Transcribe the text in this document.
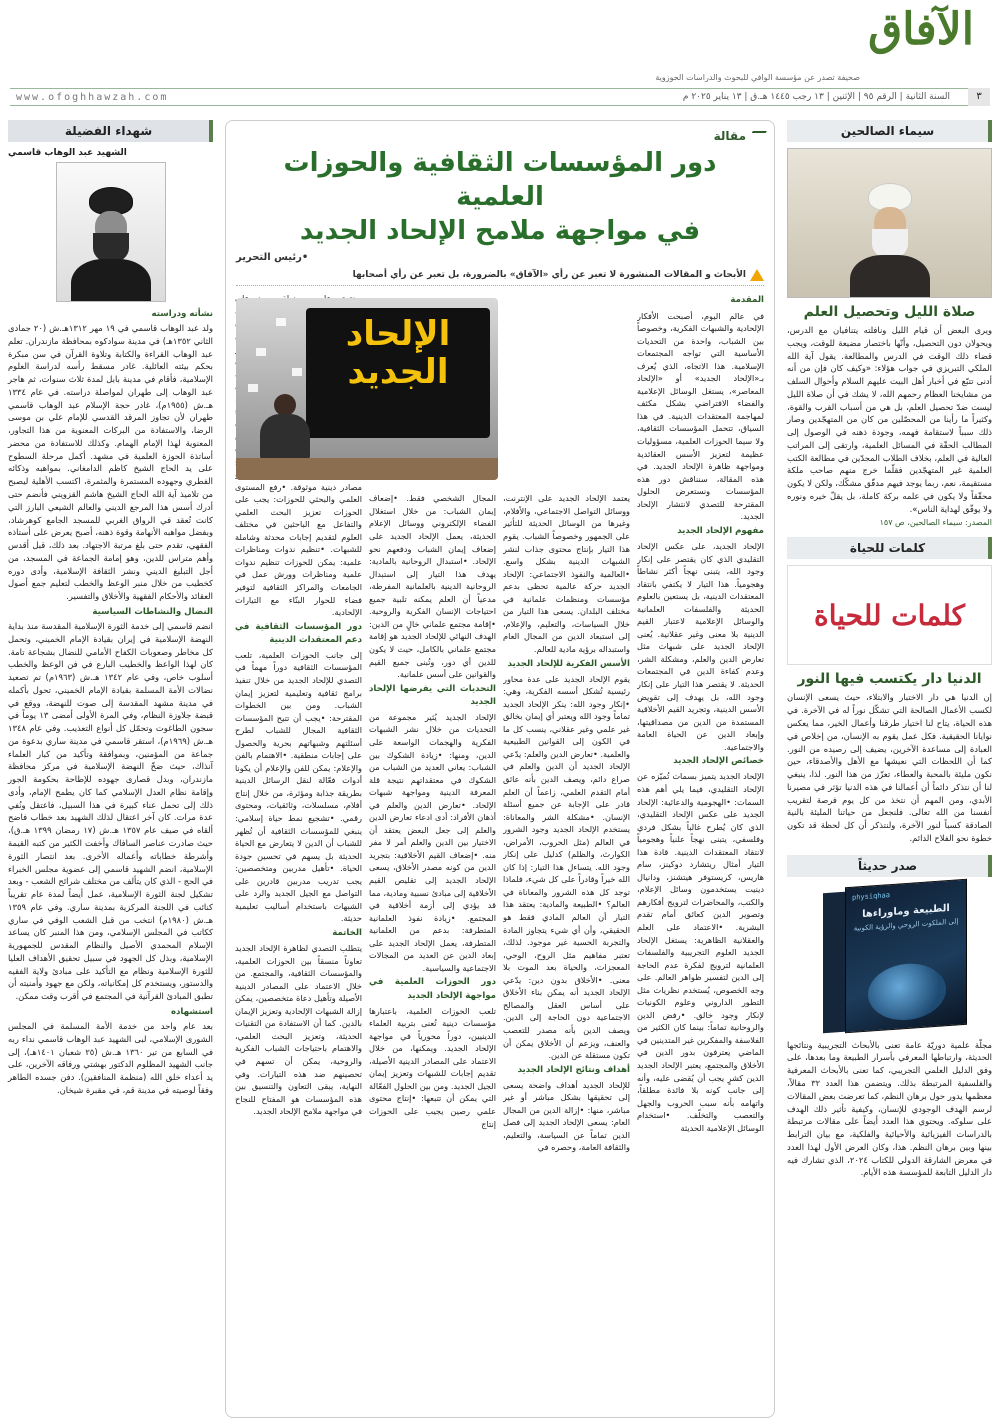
الآفاق
صحيفة تصدر عن مؤسسة الوافي للبحوث والدراسات الحوزوية
السنة الثانية | الرقم ٩٥ | الإثنين | ١٣ رجب ١٤٤٥ هـ.ق | ١٣ يناير ٢٠٢٥ م
www.ofoghhawzah.com	٣
سيماء الصالحين
صلاة الليل وتحصيل العلم
ويرى البعض أن قيام الليل ونافلته يتنافيان مع الدرس، ويحولان دون التحصيل، وأنّها باختصار مضيعة للوقت، ويجب قضاء ذلك الوقت في الدرس والمطالعة. يقول آية الله الملكي التبريزي في جواب هؤلاء: «وكيف كان فإن من أنه أدنى تتبّع في أخبار أهل البيت عليهم السلام وأحوال السلف من مشايخنا العظام رحمهم الله، لا يشك في أن صلاة الليل ليست ضدّ تحصيل العلم، بل هي من أسباب القرب والقوة، وكثيراً ما رأينا من المحصّلين من كان من المتهجّدين وصار ذلك سبباً لاستقامة فهمه، وجودة ذهنه في الوصول إلى المطالب الحقّة في المسائل العلمية، وارتقى إلى المراتب العالية في العلم، بخلاف الطلاب المجدّين في مطالعة الكتب العلمية غير المتهجّدين فقلّما خرج منهم صاحب ملكة مستقيمة، نعم، ربما يوجد فيهم مدقّق مشكّك، ولكن لا يكون محقّقاً ولا يكون في علمه بركة كاملة، بل يقلّ خيره ونوره ولا يوفّق لهداية الناس».
المصدر: سيماء الصالحين، ص ١٥٧
كلمات للحياة
كلمات للحياة
الدنيا دار يكتسب فيها النور
إن الدنيا هي دار الاختبار والابتلاء، حيث يسعى الإنسان لكسب الأعمال الصالحة التي تشكّل نوراً له في الآخرة. في هذه الحياة، يتاح لنا اختيار طرقنا وأعمال الخير، مما يعكس نوايانا الحقيقية. فكل عمل يقوم به الإنسان، من إخلاص في العبادة إلى مساعدة الآخرين، يضيف إلى رصيده من النور. كما أن اللحظات التي نعيشها مع الأهل والأصدقاء، حين نكون مليئة بالمحبة والعطاء، تعزّز من هذا النور. لذا، ينبغي لنا أن نتذكر دائماً أن أعمالنا في هذه الدنيا تؤثر في مصيرنا الأبدي، ومن المهم أن نتخذ من كل يوم فرصة لتقريب أنفسنا من الله تعالى. فلنجعل من حياتنا المليئة بالنية الصادقة كسباً لنور الآخرة، ولنتذكر أن كل لحظة قد تكون خطوة نحو الفلاح الدائم.
صدر حديثاً
physiqhaa
الطبيعة وماوراءها
إلى الملكوت الروحي والرؤية الكونية
مجلّة علمية دوريّة عامة تعنى بالأبحاث التجريبية ونتائجها الحديثة، وارتباطها المعرفي بأسرار الطبيعة وما بعدها، على وفق الدليل العلمي التجريبي، كما تعنى بالأبحاث المعرفية والفلسفية المرتبطة بذلك. ويتضمن هذا العدد ٣٢ مقالاً، معظمها يدور حول برهان النظم، كما تعرضت بعض المقالات لرسم الهدف الوجودي للإنسان، وكيفية تأثير ذلك الهدف على سلوكه. ويحتوي هذا العدد أيضاً على مقالات مرتبطة بالدراسات الفيزيائية والأحيائية والفلكية، مع بيان الترابط بينها وبين برهان النظم. هذا، وكان العرض الأول لهذا العدد في معرض الشارقة الدولي للكتاب ٢٠٢٤، الذي تشارك فيه دار الدليل التابعة للمؤسسة هذه الأيام.
مقالة
دور المؤسسات الثقافية والحوزات العلمية
في مواجهة ملامح الإلحاد الجديد
•رئيس التحرير
الأبحاث و المقالات المنشورة لا تعبر عن رأي «الآفاق» بالضرورة، بل تعبر عن رأي أصحابها
المقدمة

في عالم اليوم، أصبحت الأفكار الإلحادية والشبهات الفكرية، وخصوصاً بين الشباب، واحدة من التحديات الأساسية التي تواجه المجتمعات الإسلامية. هذا الاتجاه، الذي يُعرف بـ«الإلحاد الجديد» أو «الإلحاد المعاصر»، يستغل الوسائل الإعلامية والفضاء الافتراضي بشكل مكثف لمهاجمة المعتقدات الدينية. في هذا السياق، تتحمل المؤسسات الثقافية، ولا سيما الحوزات العلمية، مسؤوليات عظيمة لتعزيز الأسس العقائدية ومواجهة ظاهرة الإلحاد الجديد. في هذه المقالة، سنناقش دور هذه المؤسسات ونستعرض الحلول المقترحة للتصدي لانتشار الإلحاد الجديد.

مفهوم الإلحاد الجديد

الإلحاد الجديد، على عكس الإلحاد التقليدي الذي كان يقتصر على إنكار وجود الله، يتبنى نهجاً أكثر نشاطاً وهجومياً. هذا التيار لا يكتفي بانتقاد المعتقدات الدينية، بل يستعين بالعلوم الحديثة والفلسفات العلمانية والوسائل الإعلامية لاعتبار القيم الدينية بلا معنى وغير عقلانية. يُعنى الإلحاد الجديد على شبهات مثل تعارض الدين والعلم، ومشكلة الشر، وعدم كفاءة الدين في المجتمعات الحديثة. لا يقتصر هذا التيار على إنكار وجود الله، بل يهدف إلى تقويض الأسس الدينية، وتجريد القيم الأخلاقية المستمدة من الدين من مصداقيتها، وإبعاد الدين عن الحياة العامة والاجتماعية.

خصائص الإلحاد الجديد

الإلحاد الجديد يتميز بسمات تُميّزه عن الإلحاد التقليدي، فيما يلي أهم هذه السمات: •الهجومية والدعائية: الإلحاد الجديد على عكس الإلحاد التقليدي، الذي كان يُطرح غالباً بشكل فردي وفلسفي، يتبنى نهجاً علنياً وهجومياً لانتقاد المعتقدات الدينية. قادة هذا التيار أمثال ريتشارد دوكينز، سام هاريس، كريستوفر هيتشنز، ودانيال دينيت يستخدمون وسائل الإعلام، والكتب، والمحاضرات لترويج أفكارهم وتصوير الدين كعائق أمام تقدم البشرية. •الاعتماد على العلم والعقلانية الظاهرية: يستغل الإلحاد الجديد العلوم التجريبية والفلسفات العلمانية لترويج لفكرة عدم الحاجة إلى الدين لتفسير ظواهر العالم. على وجه الخصوص، يُستخدم نظريات مثل التطور الداروني وعلوم الكونيات لإنكار وجود خالق. •رفض الدين والروحانية تماماً: بينما كان الكثير من الفلاسفة والمفكرين غير المتدينين في الماضي يعترفون بدور الدين في الأخلاق والمجتمع، يعتبر الإلحاد الجديد الدين كشرٍ يجب أن يُقضى عليه، وأنه إلى جانب كونه بلا فائدة مطلقاً، واتهامه بأنه سبب الحروب والجهل والتعصب والتخلّف. •استخدام الوسائل الإعلامية الحديثة

يعتمد الإلحاد الجديد على الإنترنت، ووسائل التواصل الاجتماعي، والأفلام، وغيرها من الوسائل الحديثة للتأثير على الجمهور وخصوصاً الشباب. يقوم هذا التيار بإنتاج محتوى جذاب لنشر الشبهات الدينية بشكل واسع. •العالمية والنفوذ الاجتماعي: الإلحاد الجديد حركة عالمية تحظى بدعم مؤسسات ومنظمات علمانية في مختلف البلدان. يسعى هذا التيار من خلال السياسات، والتعليم، والإعلام، إلى استبعاد الدين من المجال العام واستبداله برؤية مادية للعالم.

الأسس الفكرية للإلحاد الجديد

يقوم الإلحاد الجديد على عدة محاور رئيسية تُشكل أسسه الفكرية، وهي: •إنكار وجود الله: ينكر الإلحاد الجديد تماماً وجود الله ويعتبر أي إيمان بخالق غير علمي وغير عقلاني، ينسب كل ما في الكون إلى القوانين الطبيعية والعلمية. •تعارض الدين والعلم: يدّعي الإلحاد الجديد أن الدين والعلم في صراع دائم، ويصف الدين بأنه عائق أمام التقدم العلمي، زاعماً أن العلم قادر على الإجابة عن جميع أسئلة الإنسان. •مشكلة الشر والمعاناة: يستخدم الإلحاد الجديد وجود الشرور في العالم (مثل الحروب، الأمراض، الكوارث، والظلم) كدليل على إنكار وجود الله. يتساءل هذا التيار: إذا كان الله خيراً وقادراً على كل شيء، فلماذا توجد كل هذه الشرور والمعاناة في العالم؟ •الطبيعة والمادية: يعتقد هذا التيار أن العالم المادي فقط هو الحقيقي، وأن أي شيء يتجاوز المادة والتجربة الحسية غير موجود. لذلك، تعتبر مفاهيم مثل الروح، الوحي، المعجزات، والحياة بعد الموت بلا معنى. •الأخلاق بدون دين: يدّعي الإلحاد الجديد أنه يمكن بناء الأخلاق على أساس العقل والمصالح الاجتماعية دون الحاجة إلى الدين. ويصف الدين بأنه مصدر للتعصب والعنف، ويزعم أن الأخلاق يمكن أن تكون مستقلة عن الدين.

أهداف ونتائج الإلحاد الجديد

للإلحاد الجديد أهداف واضحة يسعى إلى تحقيقها بشكل مباشر أو غير مباشر، منها: •إزالة الدين من المجال العام: يسعى الإلحاد الجديد إلى فصل الدين تماماً عن السياسة، والتعليم، والثقافة العامة، وحصره في

المجال الشخصي فقط. •إضعاف إيمان الشباب: من خلال استغلال الفضاء الإلكتروني ووسائل الإعلام الحديثة، يعمل الإلحاد الجديد على إضعاف إيمان الشباب ودفعهم نحو الإلحاد. •استبدال الروحانية بالمادية: يهدف هذا التيار إلى استبدال الروحانية الدينية بالعلمانية المفرطة، مدعياً أن العلم يمكنه تلبية جميع احتياجات الإنسان الفكرية والروحية. •إقامة مجتمع علماني خالٍ من الدين: الهدف النهائي للإلحاد الجديد هو إقامة مجتمع علماني بالكامل، حيث لا يكون للدين أي دور، وتُبنى جميع القيم والقوانين على أسس علمانية.

التحديات التي يفرضها الإلحاد الجديد

الإلحاد الجديد يُثير مجموعة من التحديات من خلال نشر الشبهات الفكرية والهجمات الواسعة على الدين، ومنها: •زيادة الشكوك بين الشباب: يعاني العديد من الشباب من الشكوك في معتقداتهم نتيجة قلة المعرفة الدينية ومواجهة شبهات الإلحاد. •تعارض الدين والعلم في أذهان الأفراد: أدى ادعاء تعارض الدين والعلم إلى جعل البعض يعتقد أن الاختيار بين الدين والعلم أمر لا مفر منه. •إضعاف القيم الأخلاقية: بتجريد الدين من كونه مصدر الأخلاق، يسعى الإلحاد الجديد إلى تقليص القيم الأخلاقية إلى مبادئ نسبية ومادية، مما قد يؤدي إلى أزمة أخلاقية في المجتمع. •زيادة نفوذ العلمانية المتطرفة: بدعم من العلمانية المتطرفة، يعمل الإلحاد الجديد على إبعاد الدين عن العديد من المجالات الاجتماعية والسياسية.

دور الحوزات العلمية في مواجهة الإلحاد الجديد

تلعب الحوزات العلمية، باعتبارها مؤسسات دينية تُعنى بتربية العلماء الدينيين، دوراً محورياً في مواجهة الإلحاد الجديد. ويمكنها، من خلال الاعتماد على المصادر الدينية الأصيلة، تقديم إجابات للشبهات وتعزيز إيمان الجيل الجديد. ومن بين الحلول الفعّالة التي يمكن أن تتبعها: •إنتاج محتوى علمي رصين يجيب على الحوزات إنتاج

مصادر دينية موثوقة. •رفع المستوى العلمي والبحثي للحوزات: يجب على الحوزات تعزيز البحث العلمي والتفاعل مع الباحثين في مختلف العلوم لتقديم إجابات محدثة وشاملة للشبهات. •تنظيم ندوات ومناظرات علمية: يمكن للحوزات تنظيم ندوات علمية ومناظرات وورش عمل في الجامعات والمراكز الثقافية لتوفير فضاء للحوار البنّاء مع التيارات الإلحادية.

دور المؤسسات الثقافية في دعم المعتقدات الدينية

إلى جانب الحوزات العلمية، تلعب المؤسسات الثقافية دوراً مهماً في التصدي للإلحاد الجديد من خلال تنفيذ برامج ثقافية وتعليمية لتعزيز إيمان الشباب. ومن بين الخطوات المقترحة: •يجب أن تتيح المؤسسات الثقافية المجال للشباب لطرح أسئلتهم وشبهاتهم بحرية والحصول على إجابات منطقية. •الاهتمام بالفن والإعلام: يمكن للفن والإعلام أن يكونا أدوات فعّالة لنقل الرسائل الدينية بطريقة جذابة ومؤثرة، من خلال إنتاج أفلام، مسلسلات، وثائقيات، ومحتوى رقمي. •تشجيع نمط حياة إسلامي: ينبغي للمؤسسات الثقافية أن تُظهر للشباب أن الدين لا يتعارض مع الحياة الحديثة بل يسهم في تحسين جودة الحياة. •تأهيل مدربين ومتخصصين: يجب تدريب مدربين قادرين على التواصل مع الجيل الجديد والرد على الشبهات باستخدام أساليب تعليمية حديثة.

الخاتمة

يتطلب التصدي لظاهرة الإلحاد الجديد تعاوناً منسقاً بين الحوزات العلمية، والمؤسسات الثقافية، والمجتمع. من خلال الاعتماد على المصادر الدينية الأصيلة وتأهيل دعاة متخصصين، يمكن إزالة الشبهات الإلحادية وتعزيز الإيمان بالدين. كما أن الاستفادة من التقنيات الحديثة، وتعزيز البحث العلمي، والاهتمام باحتياجات الشباب الفكرية والروحية، يمكن أن تسهم في تحصينهم ضد هذه التيارات. وفي النهاية، يبقى التعاون والتنسيق بين هذه المؤسسات هو المفتاح للنجاح في مواجهة ملامح الإلحاد الجديد.

الإلحاد
الجديد
شهداء الفضيلة
الشهيد عبد الوهاب قاسمي
نشأته ودراسته

ولد عبد الوهاب قاسمي في ١٩ مهر ١٣١٢هـ.ش (٢٠ جمادى الثاني ١٣٥٢هـ) في مدينة سوادكوه بمحافظة مازندران. تعلم عبد الوهاب القراءة والكتابة وتلاوة القرآن في سن مبكرة بحكم بيئته العائلية. غادر مسقط رأسه لدراسة العلوم الإسلامية، فأقام في مدينة بابل لمدة ثلاث سنوات، ثم هاجر عبد الوهاب إلى طهران لمواصلة دراسته. في عام ١٣٣٤ هـ.ش (١٩٥٥م)، غادر حجة الإسلام عبد الوهاب قاسمي طهران لأن تجاوز المرقد القدسي للإمام علي بن موسى الرضا، والاستفادة من البركات المعنوية من هذا التجاور، المعنوية لهذا الإمام الهمام. وكذلك للاستفادة من محضر أساتذة الحوزة العلمية في مشهد. أكمل مرحلة السطوح على يد الحاج الشيخ كاظم الدامغاني. بمواهبه وذكائه الفطري وجهوده المستمرة والمثمرة، اكتسب الأهلية ليصبح من تلاميذ آية الله الحاج الشيخ هاشم القزويني فأنضم حتى أدرك أسس هذا المرجع الديني والعالم الشيعي البارز التي كانت تُعقد في الرواق الغربي للمسجد الجامع كوهرشاد، وبفضل مواهبه الأنهامة وقوة ذهنه، أصبح يعرض على أستاذه الفقهي، تقدم حتى بلغ مرتبة الاجتهاد. بعد ذلك، قبل أقدس وأهم متراس للدين، وهو إمامة الجماعة في المسجد، من أجل التبليغ الديني ونشر الثقافة الإسلامية، وأدى دوره كخطيب من خلال منبر الوعظ والخطب لتعليم جمع أصول العقائد والأحكام الفقهية والأخلاق والتفسير.

النضال والنشاطات السياسية

انضم قاسمي إلى خدمة الثورة الإسلامية المقدسة منذ بداية النهضة الإسلامية في إيران بقيادة الإمام الخميني، وتحمل كل مخاطر وصعوبات الكفاح الأمامي للنضال بشجاعة تامة. كان لهذا الواعظ والخطيب البارع في فن الوعظ والخطب أسلوب خاص، وفي عام ١٣٤٢ هـ.ش (١٩٦٣م) تم تصعيد نضالات الأمة المسلمة بقيادة الإمام الخميني، تحول بأكمله في مدينة مشهد المقدسة إلى صوت للنهضة، ووقع في قبضة جلاوزة النظام، وفي المرة الأولى أمضى ١٣ يوماً في سجون الطاغوت وتحمّل كل أنواع التعذيب. وفي عام ١٣٤٨ هـ.ش (١٩٦٩م)، استقر قاسمي في مدينة ساري بدعوة من جماعة من المؤمنين، وبموافقة وتأكيد من كبار العلماء آنذاك، حيث ضخّ النهضة الإسلامية في مركز محافظة مازندران، وبدل قصارى جهوده للإطاحة بحكومة الجور وإقامة نظام العدل الإسلامي كما كان يطمح الإمام، وأدى ذلك إلى تحمل عناء كبيرة في هذا السبيل، فاعتقل ونُفي عدة مرات. كان آخر اعتقال لذلك الشهيد بعد خطاب فاضح ألقاه في صيف عام ١٣٥٧ هـ.ش (١٧ رمضان ١٣٩٩ هـ.ق)، حيث صادرت عناصر السافاك وأخفت الكثير من كتبه القيمة وأشرطة خطاباته وأعماله الأخرى. بعد انتصار الثورة الإسلامية، انضم الشهيد قاسمي إلى عضوية مجلس الخبراء في الحج - الذي كان يتألف من مختلف شرائح الشعب - وبعد تشكيل لجنة الثورة الإسلامية، عمل أيضاً لمدة عام تقريباً كنائب في اللجنة المركزية بمدينة ساري. وفي عام ١٣٥٩ هـ.ش (١٩٨٠م) انتخب من قبل الشعب الوفي في ساري ككاتب في المجلس الإسلامي، ومن هذا المنبر كان يساعد الإسلام المحمدي الأصيل والنظام المقدس للجمهورية الإسلامية، وبذل كل الجهود في سبيل تحقيق الأهداف العليا للثورة الإسلامية ونظام مع التأكيد على مبادئ ولاية الفقيه والدستور، ويستخدم كل إمكانياته، ولكن مع جهود وأمنيته أن تطبق المبادئ القرآنية في المجتمع في أقرب وقت ممكن.

استشهاده

بعد عام واحد من خدمة الأمة المسلمة في المجلس الشورى الإسلامي، لبى الشهيد عبد الوهاب قاسمي نداء ربه في السابع من تير ١٣٦٠ هـ.ش (٢٥ شعبان ١٤٠١هـ)، إلى جانب الشهيد المظلوم الدكتور بهشتي ورفاقه الآخرين، على يد أعداء خلق الله (منظمة المنافقين). دفن جسده الطاهر وفقاً لوصيته في مدينة قم، في مقبرة شيخان.
